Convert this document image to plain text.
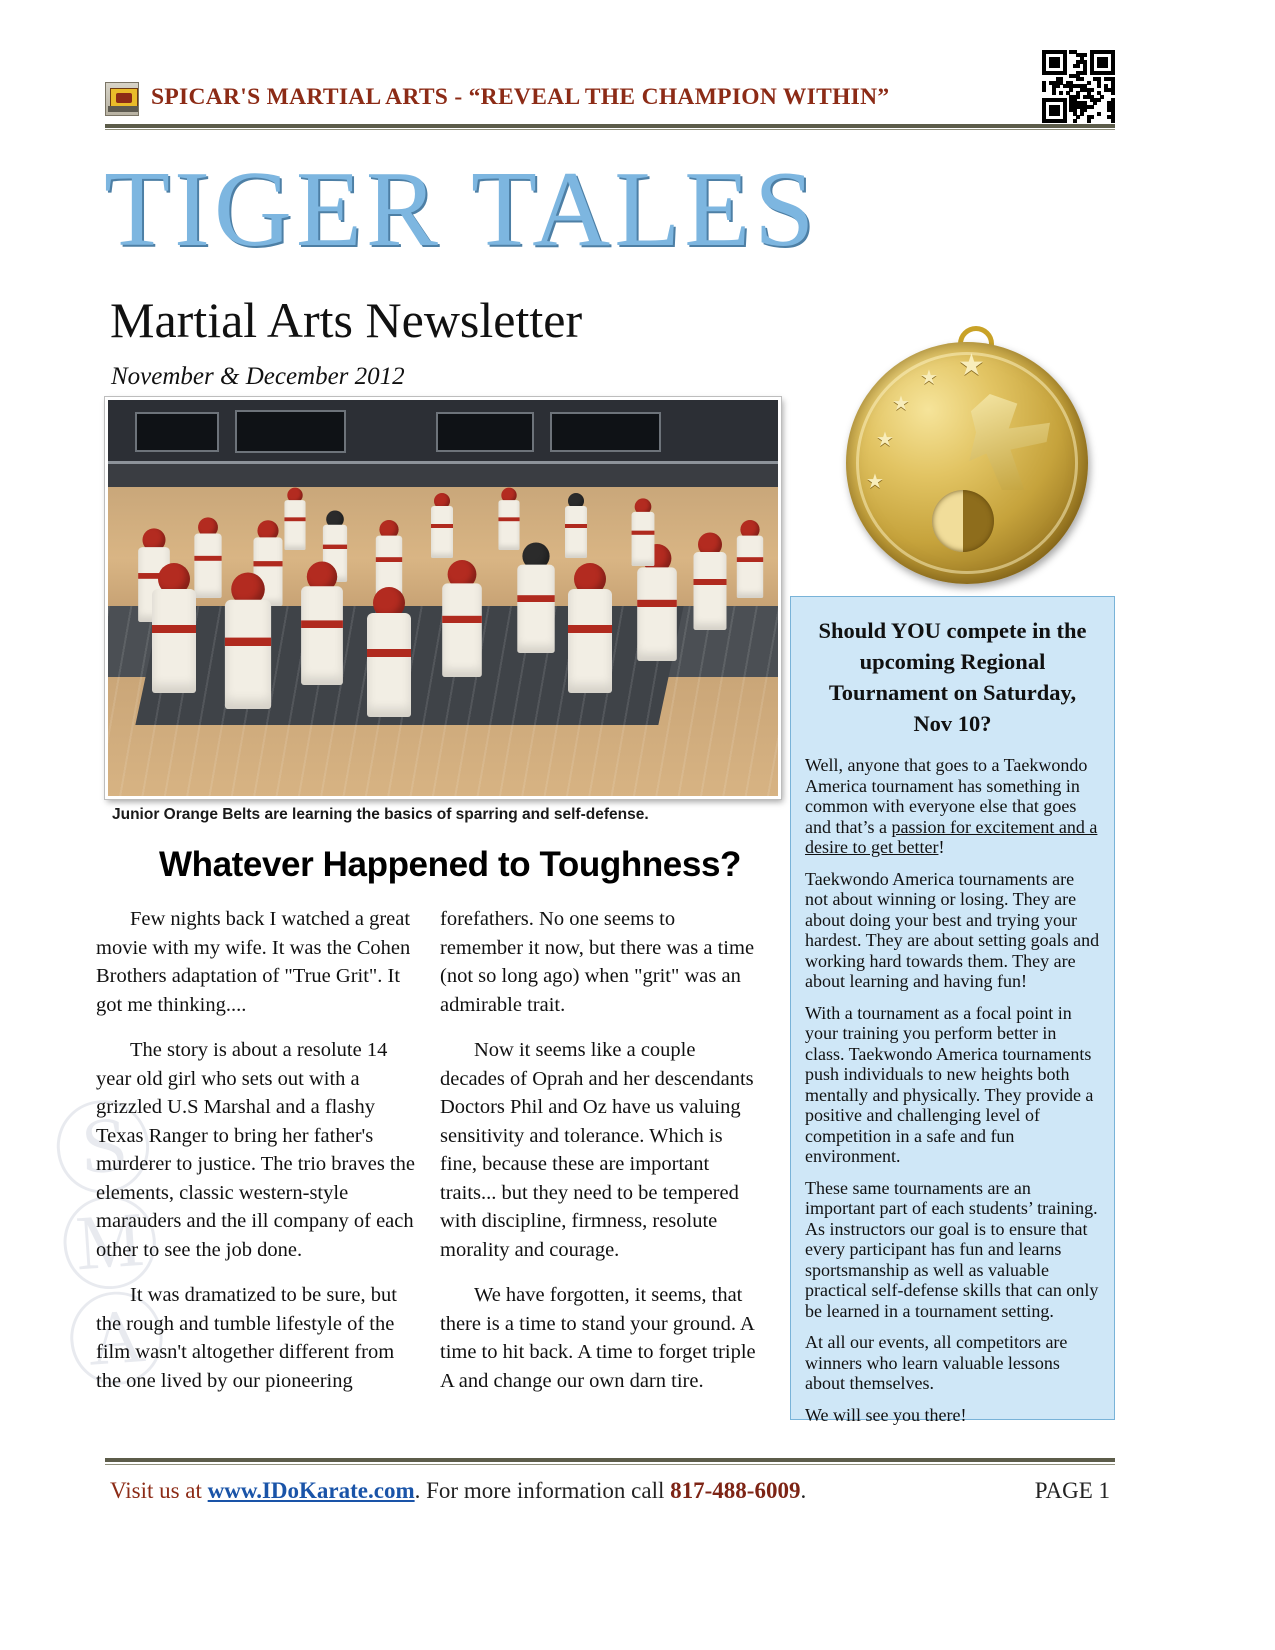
SPICAR'S MARTIAL ARTS - “REVEAL THE CHAMPION WITHIN”
TIGER TALES
Martial Arts Newsletter
November & December 2012
Junior Orange Belts are learning the basics of sparring and self-defense.
★
★ ★
★
★
Should YOU compete in the upcoming Regional Tournament on Saturday, Nov 10?

Well, anyone that goes to a Taekwondo America tournament has something in common with everyone else that goes and that’s a passion for excitement and a desire to get better!

Taekwondo America tournaments are not about winning or losing. They are about doing your best and trying your hardest. They are about setting goals and working hard towards them. They are about learning and having fun!

With a tournament as a focal point in your training you perform better in class. Taekwondo America tournaments push individuals to new heights both mentally and physically. They provide a positive and challenging level of competition in a safe and fun environment.

These same tournaments are an important part of each students’ training. As instructors our goal is to ensure that every participant has fun and learns sportsmanship as well as valuable practical self-defense skills that can only be learned in a tournament setting.

At all our events, all competitors are winners who learn valuable lessons about themselves.

We will see you there!

Ⓢ Ⓜ Ⓐ
Whatever Happened to Toughness?

Few nights back I watched a great movie with my wife. It was the Cohen Brothers adaptation of "True Grit". It got me thinking....

The story is about a resolute 14 year old girl who sets out with a grizzled U.S Marshal and a flashy Texas Ranger to bring her father's murderer to justice. The trio braves the elements, classic western-style marauders and the ill company of each other to see the job done.

It was dramatized to be sure, but the rough and tumble lifestyle of the film wasn't altogether different from the one lived by our pioneering

forefathers. No one seems to remember it now, but there was a time (not so long ago) when "grit" was an admirable trait.

Now it seems like a couple decades of Oprah and her descendants Doctors Phil and Oz have us valuing sensitivity and tolerance. Which is fine, because these are important traits... but they need to be tempered with discipline, firmness, resolute morality and courage.

We have forgotten, it seems, that there is a time to stand your ground. A time to hit back. A time to forget triple A and change our own darn tire.

Visit us at www.IDoKarate.com. For more information call 817-488-6009.	PAGE 1
